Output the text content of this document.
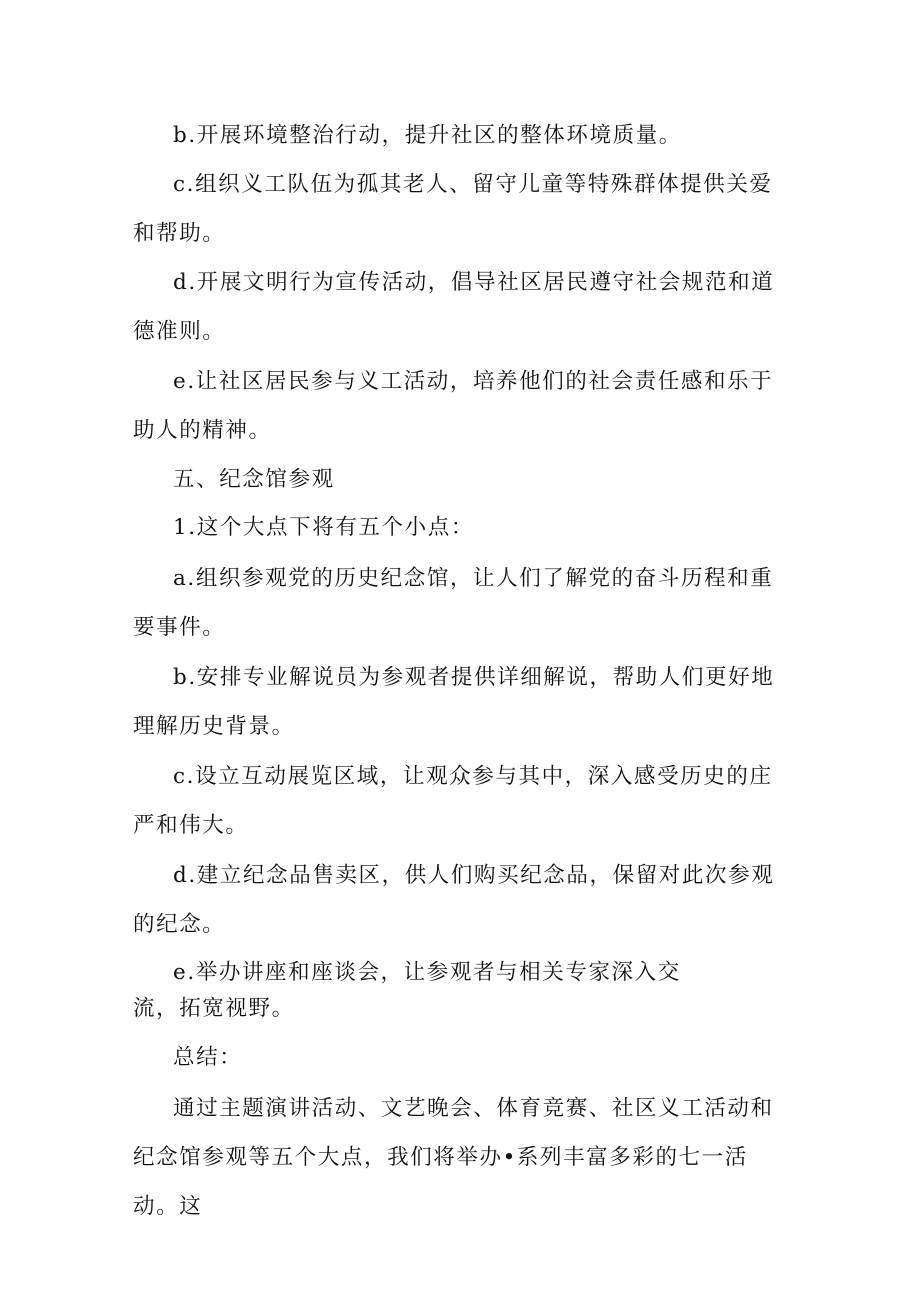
b.开展环境整治行动，提升社区的整体环境质量。

c.组织义工队伍为孤其老人、留守儿童等特殊群体提供关爱和帮助。

d.开展文明行为宣传活动，倡导社区居民遵守社会规范和道德准则。

e.让社区居民参与义工活动，培养他们的社会责任感和乐于助人的精神。

五、纪念馆参观

1.这个大点下将有五个小点：

a.组织参观党的历史纪念馆，让人们了解党的奋斗历程和重要事件。

b.安排专业解说员为参观者提供详细解说，帮助人们更好地理解历史背景。

c.设立互动展览区域，让观众参与其中，深入感受历史的庄严和伟大。

d.建立纪念品售卖区，供人们购买纪念品，保留对此次参观的纪念。

e.举办讲座和座谈会，让参观者与相关专家深入交流，拓宽视野。

总结：

通过主题演讲活动、文艺晚会、体育竞赛、社区义工活动和纪念馆参观等五个大点，我们将举办•系列丰富多彩的七一活动。这
